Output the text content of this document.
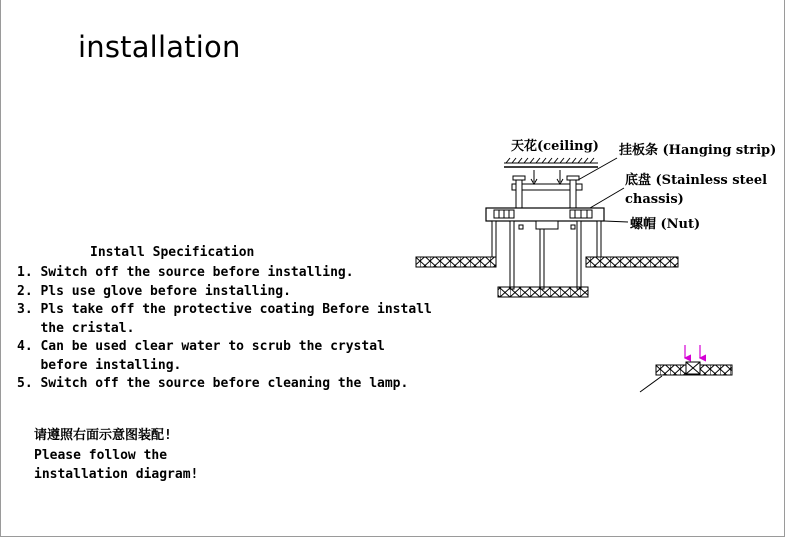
installation
Install Specification
1. Switch off the source before installing.
2. Pls use glove before installing.
3. Pls take off the protective coating Before install
the cristal.
4. Can be used clear water to scrub the crystal
before installing.
5. Switch off the source before cleaning the lamp.
请遵照右面示意图装配!
Please follow the
installation diagram!
天花(ceiling) 挂板条 (Hanging strip)
底盘 (Stainless steel
chassis)
螺帽 (Nut)
